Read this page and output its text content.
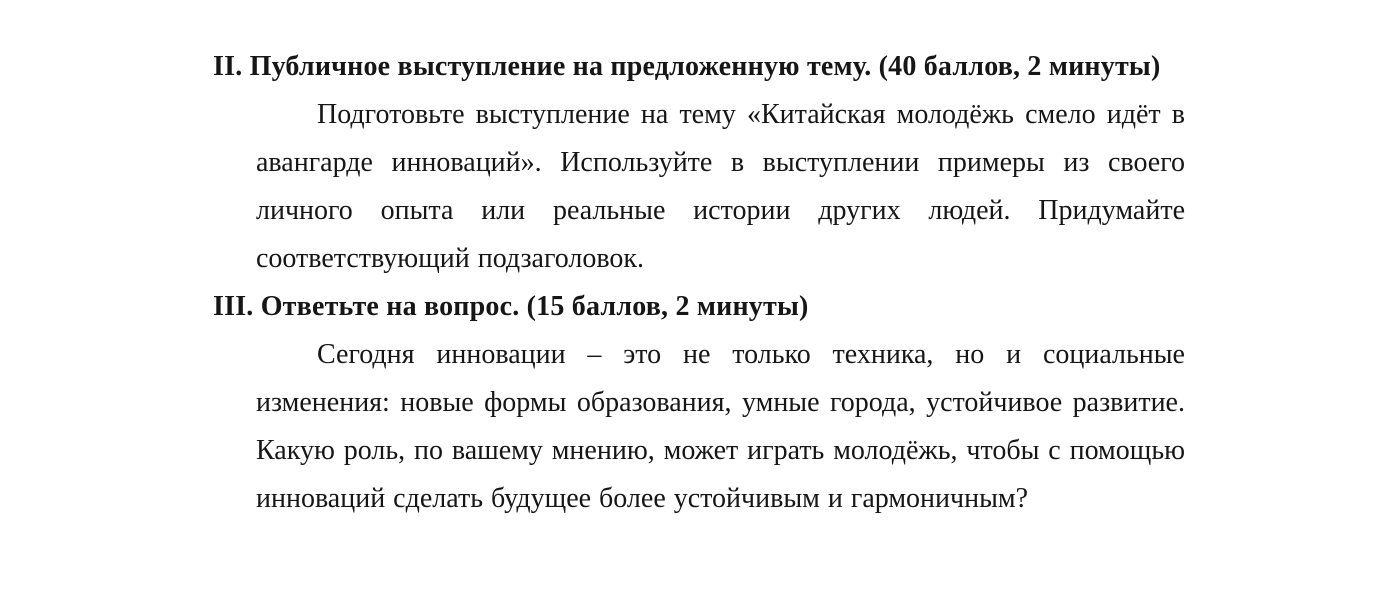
II. Публичное выступление на предложенную тему. (40 баллов, 2 минуты)
Подготовьте выступление на тему «Китайская молодёжь смело идёт в
авангарде инноваций». Используйте в выступлении примеры из своего
личного опыта или реальные истории других людей. Придумайте
соответствующий подзаголовок.
III. Ответьте на вопрос. (15 баллов, 2 минуты)
Сегодня инновации – это не только техника, но и социальные
изменения: новые формы образования, умные города, устойчивое развитие.
Какую роль, по вашему мнению, может играть молодёжь, чтобы с помощью
инноваций сделать будущее более устойчивым и гармоничным?
